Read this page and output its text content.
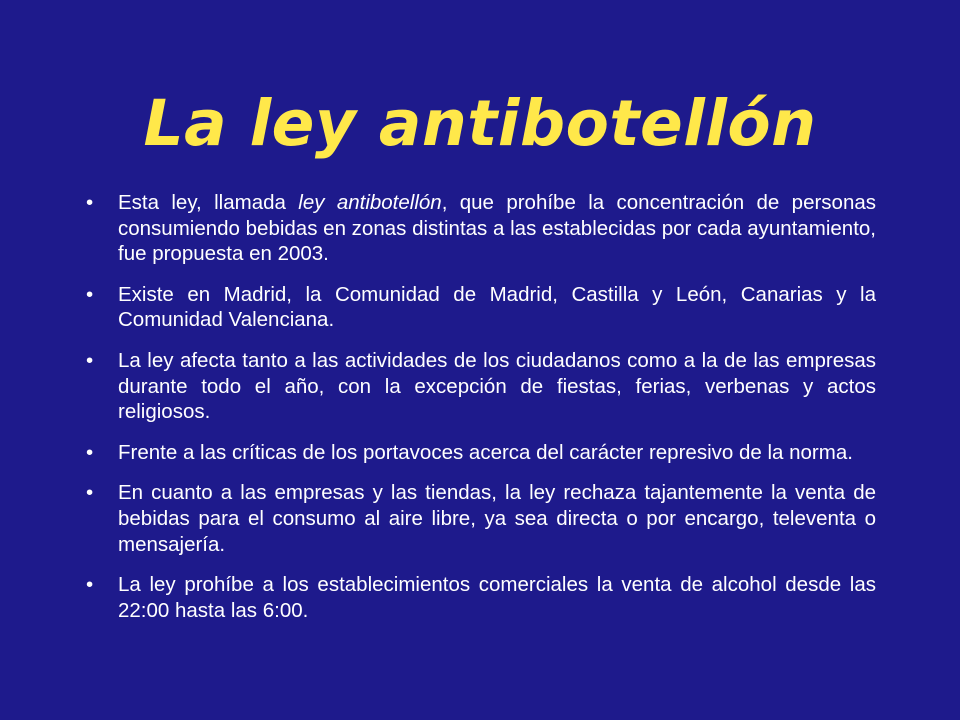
La ley antibotellón
•	Esta ley, llamada ley antibotellón, que prohíbe la concentración de personas consumiendo bebidas en zonas distintas a las establecidas por cada ayuntamiento, fue propuesta en 2003.
•	Existe en Madrid, la Comunidad de Madrid, Castilla y León, Canarias y la Comunidad Valenciana.
•	La ley afecta tanto a las actividades de los ciudadanos como a la de las empresas durante todo el año, con la excepción de fiestas, ferias, verbenas y actos religiosos.
•	Frente a las críticas de los portavoces acerca del carácter represivo de la norma.
•	En cuanto a las empresas y las tiendas, la ley rechaza tajantemente la venta de bebidas para el consumo al aire libre, ya sea directa o por encargo, televenta o mensajería.
•	La ley prohíbe a los establecimientos comerciales la venta de alcohol desde las 22:00 hasta las 6:00.
